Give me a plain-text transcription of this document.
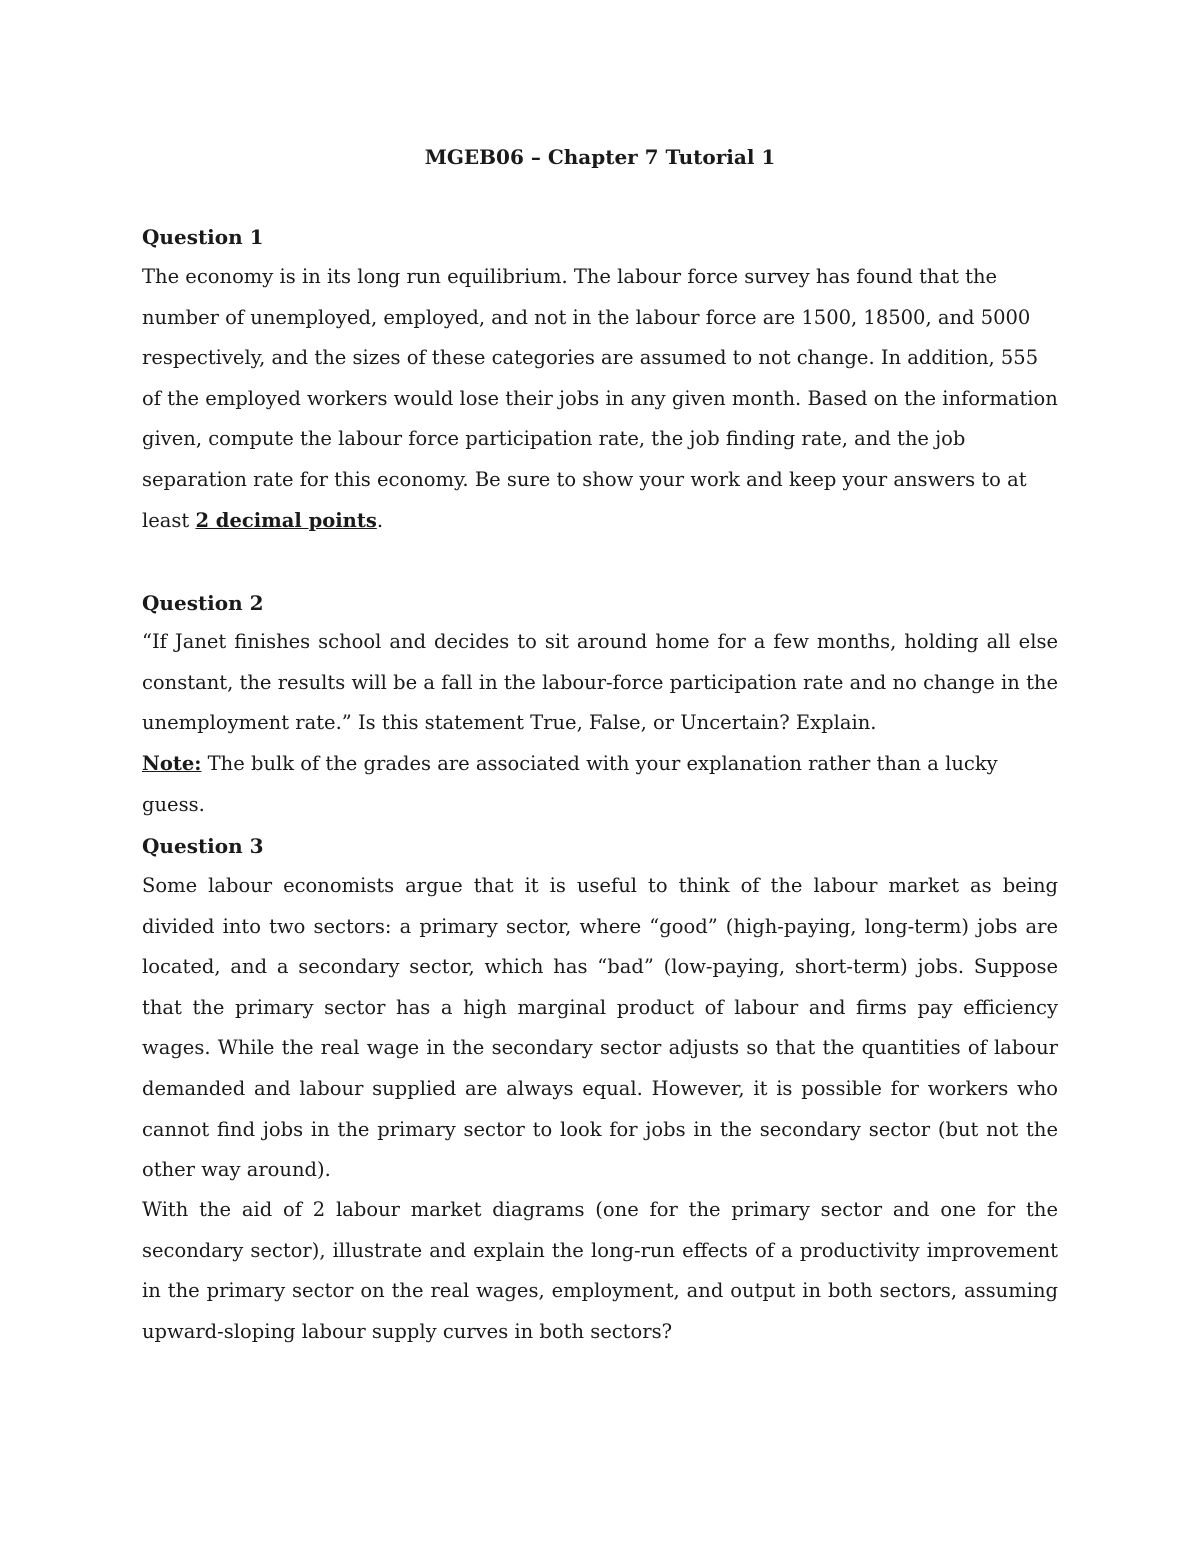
MGEB06 – Chapter 7 Tutorial 1
Question 1
The economy is in its long run equilibrium. The labour force survey has found that the number of unemployed, employed, and not in the labour force are 1500, 18500, and 5000 respectively, and the sizes of these categories are assumed to not change. In addition, 555 of the employed workers would lose their jobs in any given month. Based on the information given, compute the labour force participation rate, the job finding rate, and the job separation rate for this economy. Be sure to show your work and keep your answers to at least 2 decimal points.
Question 2
“If Janet finishes school and decides to sit around home for a few months, holding all else constant, the results will be a fall in the labour-force participation rate and no change in the unemployment rate.” Is this statement True, False, or Uncertain? Explain.
Note: The bulk of the grades are associated with your explanation rather than a lucky guess.
Question 3
Some labour economists argue that it is useful to think of the labour market as being divided into two sectors: a primary sector, where “good” (high-paying, long-term) jobs are located, and a secondary sector, which has “bad” (low-paying, short-term) jobs. Suppose that the primary sector has a high marginal product of labour and firms pay efficiency wages. While the real wage in the secondary sector adjusts so that the quantities of labour demanded and labour supplied are always equal. However, it is possible for workers who cannot find jobs in the primary sector to look for jobs in the secondary sector (but not the other way around).
With the aid of 2 labour market diagrams (one for the primary sector and one for the secondary sector), illustrate and explain the long-run effects of a productivity improvement in the primary sector on the real wages, employment, and output in both sectors, assuming upward-sloping labour supply curves in both sectors?
